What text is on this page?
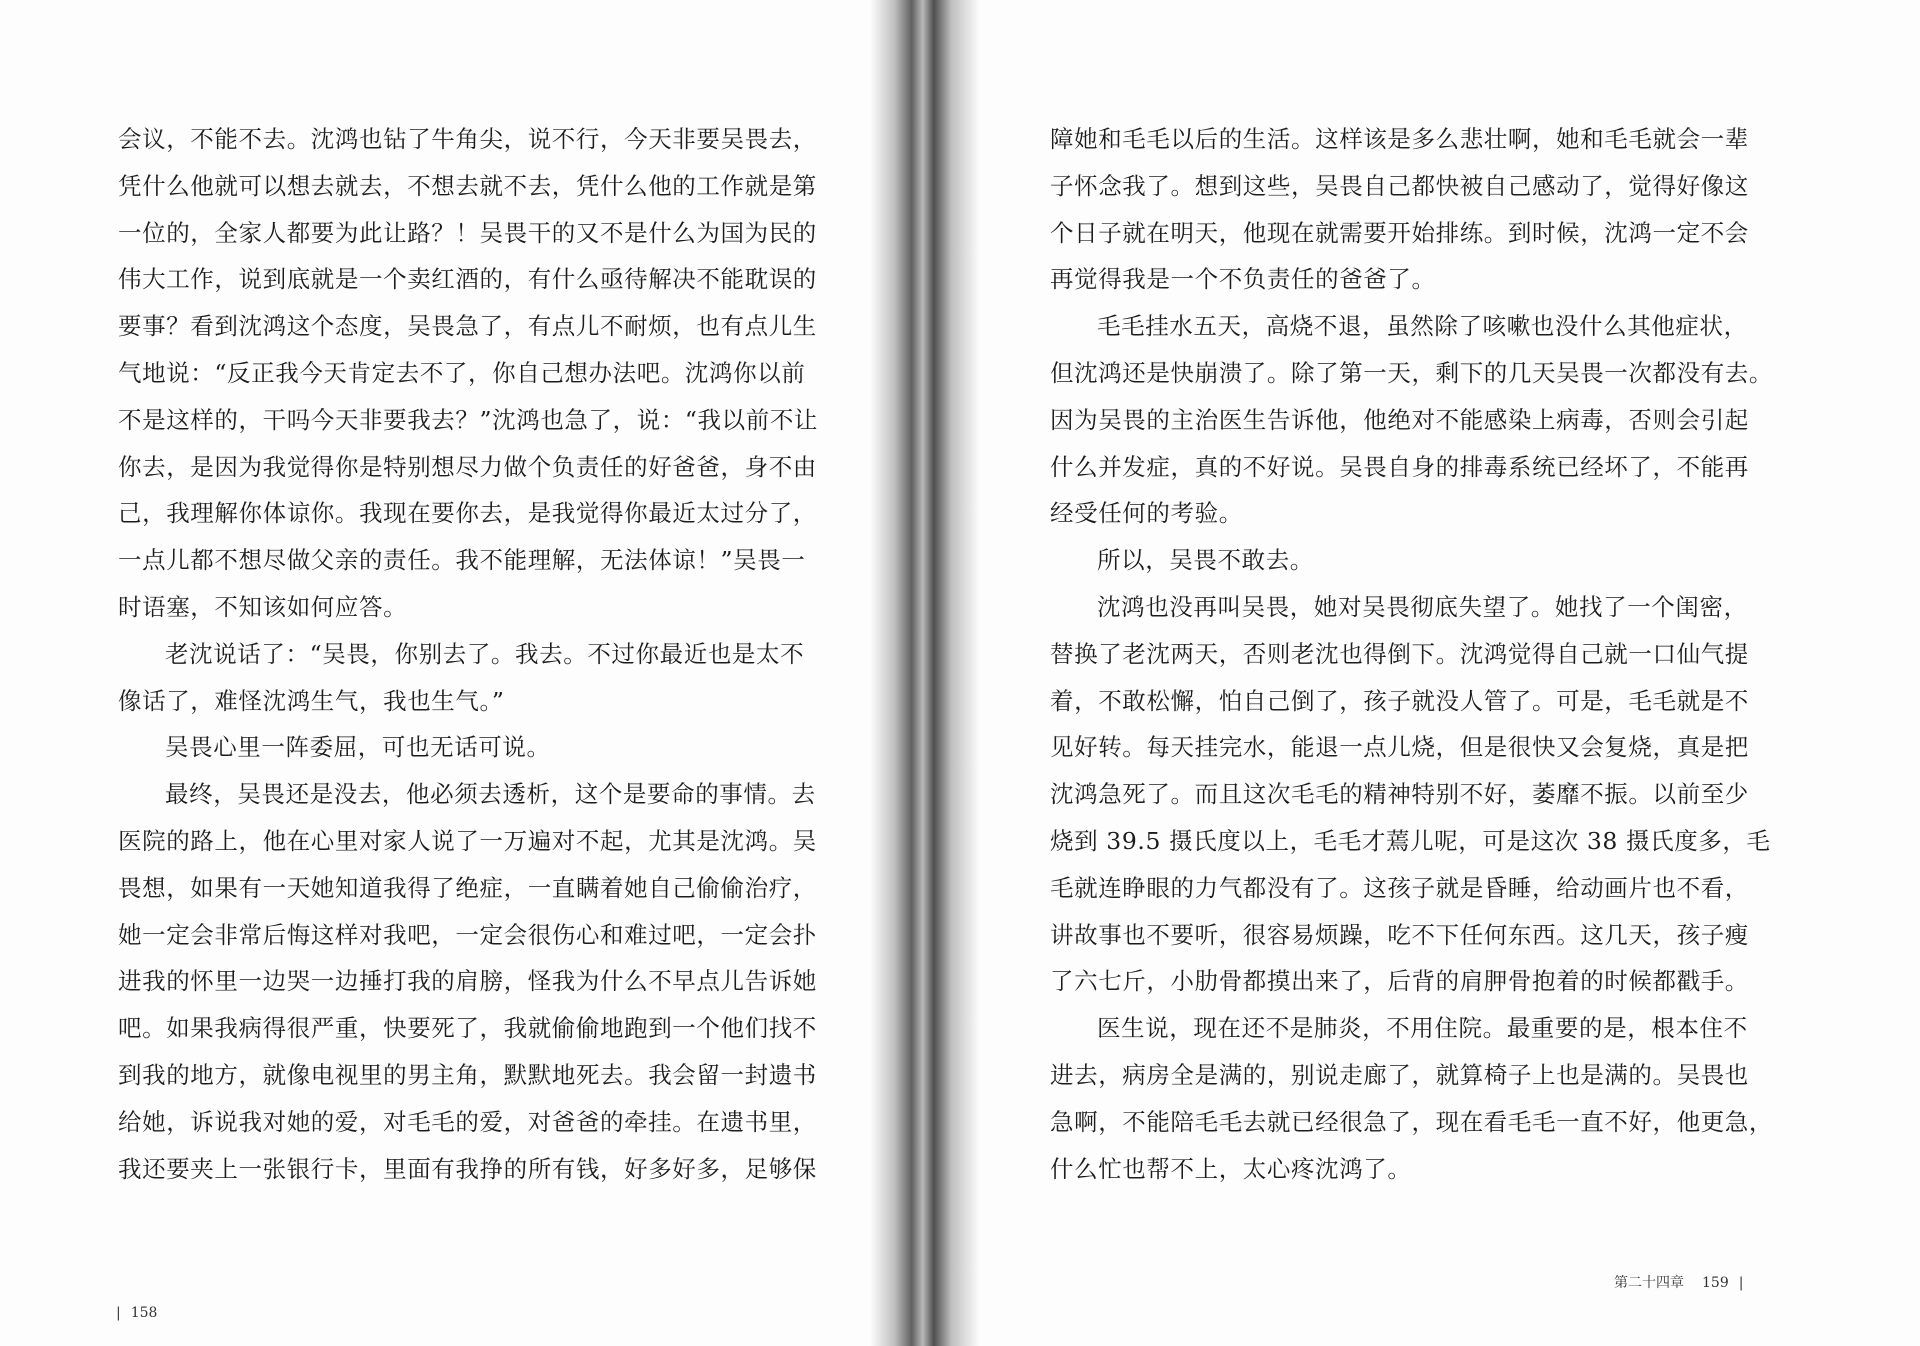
会议，不能不去。沈鸿也钻了牛角尖，说不行，今天非要吴畏去，
凭什么他就可以想去就去，不想去就不去，凭什么他的工作就是第
一位的，全家人都要为此让路？！吴畏干的又不是什么为国为民的
伟大工作，说到底就是一个卖红酒的，有什么亟待解决不能耽误的
要事？看到沈鸿这个态度，吴畏急了，有点儿不耐烦，也有点儿生
气地说：“反正我今天肯定去不了，你自己想办法吧。沈鸿你以前
不是这样的，干吗今天非要我去？”沈鸿也急了，说：“我以前不让
你去，是因为我觉得你是特别想尽力做个负责任的好爸爸，身不由
己，我理解你体谅你。我现在要你去，是我觉得你最近太过分了，
一点儿都不想尽做父亲的责任。我不能理解，无法体谅！”吴畏一
时语塞，不知该如何应答。
老沈说话了：“吴畏，你别去了。我去。不过你最近也是太不
像话了，难怪沈鸿生气，我也生气。”
吴畏心里一阵委屈，可也无话可说。
最终，吴畏还是没去，他必须去透析，这个是要命的事情。去
医院的路上，他在心里对家人说了一万遍对不起，尤其是沈鸿。吴
畏想，如果有一天她知道我得了绝症，一直瞒着她自己偷偷治疗，
她一定会非常后悔这样对我吧，一定会很伤心和难过吧，一定会扑
进我的怀里一边哭一边捶打我的肩膀，怪我为什么不早点儿告诉她
吧。如果我病得很严重，快要死了，我就偷偷地跑到一个他们找不
到我的地方，就像电视里的男主角，默默地死去。我会留一封遗书
给她，诉说我对她的爱，对毛毛的爱，对爸爸的牵挂。在遗书里，
我还要夹上一张银行卡，里面有我挣的所有钱，好多好多，足够保
| 158
障她和毛毛以后的生活。这样该是多么悲壮啊，她和毛毛就会一辈
子怀念我了。想到这些，吴畏自己都快被自己感动了，觉得好像这
个日子就在明天，他现在就需要开始排练。到时候，沈鸿一定不会
再觉得我是一个不负责任的爸爸了。
毛毛挂水五天，高烧不退，虽然除了咳嗽也没什么其他症状，
但沈鸿还是快崩溃了。除了第一天，剩下的几天吴畏一次都没有去。
因为吴畏的主治医生告诉他，他绝对不能感染上病毒，否则会引起
什么并发症，真的不好说。吴畏自身的排毒系统已经坏了，不能再
经受任何的考验。
所以，吴畏不敢去。
沈鸿也没再叫吴畏，她对吴畏彻底失望了。她找了一个闺密，
替换了老沈两天，否则老沈也得倒下。沈鸿觉得自己就一口仙气提
着，不敢松懈，怕自己倒了，孩子就没人管了。可是，毛毛就是不
见好转。每天挂完水，能退一点儿烧，但是很快又会复烧，真是把
沈鸿急死了。而且这次毛毛的精神特别不好，萎靡不振。以前至少
烧到 39.5 摄氏度以上，毛毛才蔫儿呢，可是这次 38 摄氏度多，毛
毛就连睁眼的力气都没有了。这孩子就是昏睡，给动画片也不看，
讲故事也不要听，很容易烦躁，吃不下任何东西。这几天，孩子瘦
了六七斤，小肋骨都摸出来了，后背的肩胛骨抱着的时候都戳手。
医生说，现在还不是肺炎，不用住院。最重要的是，根本住不
进去，病房全是满的，别说走廊了，就算椅子上也是满的。吴畏也
急啊，不能陪毛毛去就已经很急了，现在看毛毛一直不好，他更急，
什么忙也帮不上，太心疼沈鸿了。
第二十四章 159 |
